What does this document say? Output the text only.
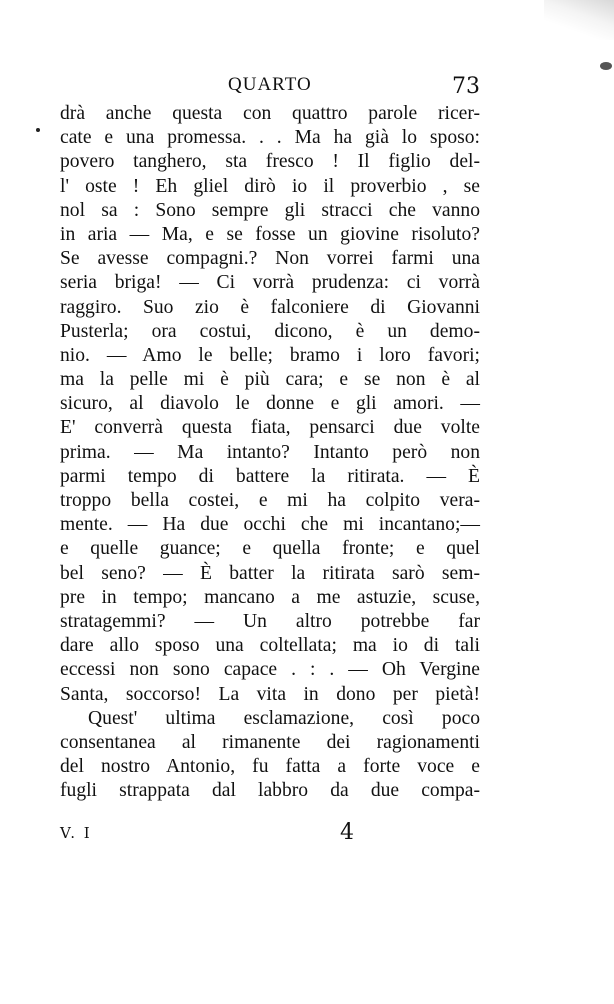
QUARTO	73
drà anche questa con quattro parole ricer-
cate e una promessa. . . Ma ha già lo sposo:
povero tanghero, sta fresco ! Il figlio del-
l' oste ! Eh gliel dirò io il proverbio , se
nol sa : Sono sempre gli stracci che vanno
in aria — Ma, e se fosse un giovine risoluto?
Se avesse compagni.? Non vorrei farmi una
seria briga! — Ci vorrà prudenza: ci vorrà
raggiro. Suo zio è falconiere di Giovanni
Pusterla; ora costui, dicono, è un demo-
nio. — Amo le belle; bramo i loro favori;
ma la pelle mi è più cara; e se non è al
sicuro, al diavolo le donne e gli amori. —
E' converrà questa fiata, pensarci due volte
prima. — Ma intanto? Intanto però non
parmi tempo di battere la ritirata. — È
troppo bella costei, e mi ha colpito vera-
mente. — Ha due occhi che mi incantano;—
e quelle guance; e quella fronte; e quel
bel seno? — È batter la ritirata sarò sem-
pre in tempo; mancano a me astuzie, scuse,
stratagemmi? — Un altro potrebbe far
dare allo sposo una coltellata; ma io di tali
eccessi non sono capace . : . — Oh Vergine
Santa, soccorso! La vita in dono per pietà!
Quest' ultima esclamazione, così poco
consentanea al rimanente dei ragionamenti
del nostro Antonio, fu fatta a forte voce e
fugli strappata dal labbro da due compa-
V. I	4
